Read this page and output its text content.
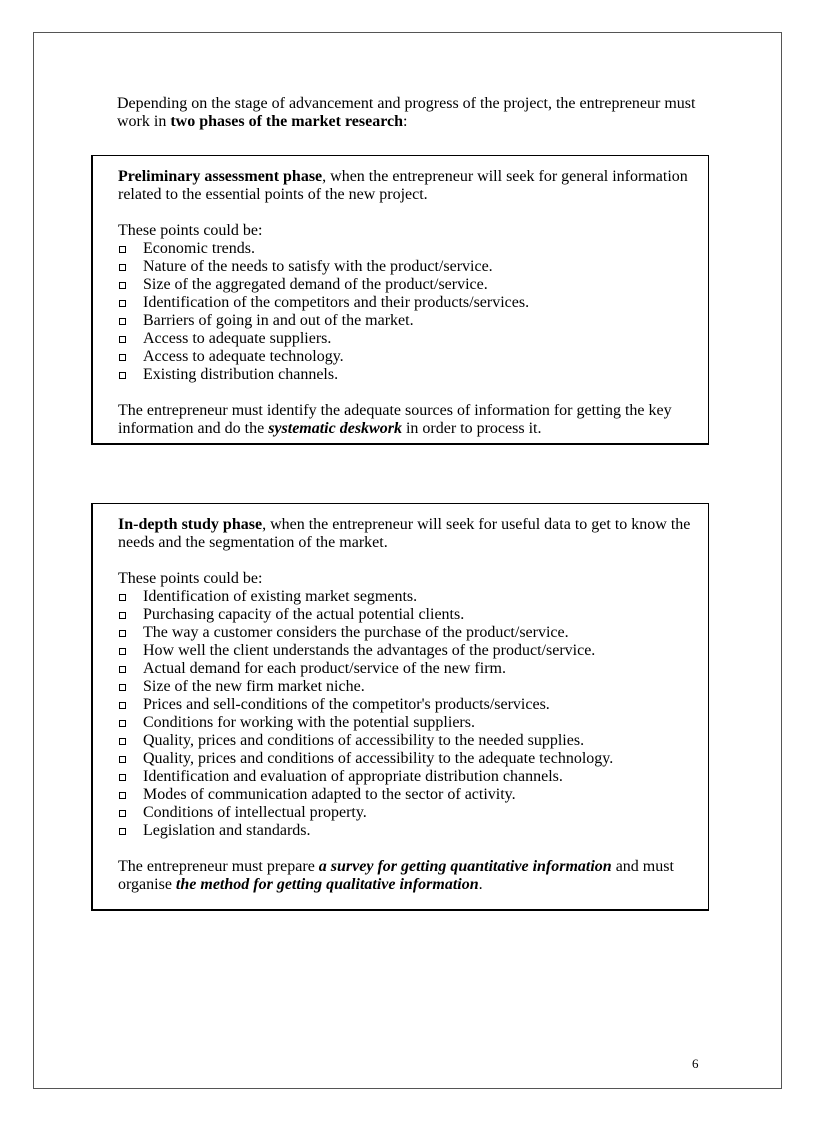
Depending on the stage of advancement and progress of the project, the entrepreneur must work in two phases of the market research:

Preliminary assessment phase, when the entrepreneur will seek for general information related to the essential points of the new project.

These points could be:

Economic trends.
Nature of the needs to satisfy with the product/service.
Size of the aggregated demand of the product/service.
Identification of the competitors and their products/services.
Barriers of going in and out of the market.
Access to adequate suppliers.
Access to adequate technology.
Existing distribution channels.

The entrepreneur must identify the adequate sources of information for getting the key information and do the systematic deskwork in order to process it.

In-depth study phase, when the entrepreneur will seek for useful data to get to know the needs and the segmentation of the market.

These points could be:

Identification of existing market segments.
Purchasing capacity of the actual potential clients.
The way a customer considers the purchase of the product/service.
How well the client understands the advantages of the product/service.
Actual demand for each product/service of the new firm.
Size of the new firm market niche.
Prices and sell-conditions of the competitor's products/services.
Conditions for working with the potential suppliers.
Quality, prices and conditions of accessibility to the needed supplies.
Quality, prices and conditions of accessibility to the adequate technology.
Identification and evaluation of appropriate distribution channels.
Modes of communication adapted to the sector of activity.
Conditions of intellectual property.
Legislation and standards.

The entrepreneur must prepare a survey for getting quantitative information and must organise the method for getting qualitative information.

6
